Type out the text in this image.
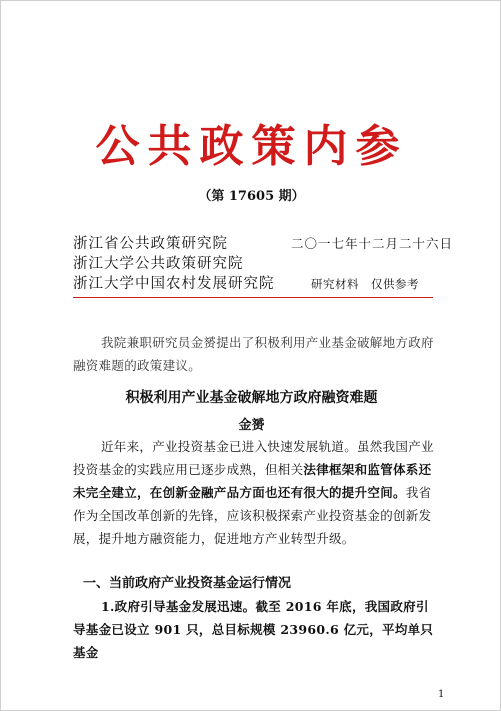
公共政策内参
（第 17605 期）
浙江省公共政策研究院
浙江大学公共政策研究院
浙江大学中国农村发展研究院
二〇一七年十二月二十六日
研究材料　仅供参考
我院兼职研究员金赟提出了积极利用产业基金破解地方政府融资难题的政策建议。
积极利用产业基金破解地方政府融资难题
金赟
近年来，产业投资基金已进入快速发展轨道。虽然我国产业投资基金的实践应用已逐步成熟，但相关法律框架和监管体系还未完全建立，在创新金融产品方面也还有很大的提升空间。我省作为全国改革创新的先锋，应该积极探索产业投资基金的创新发展，提升地方融资能力，促进地方产业转型升级。
一、当前政府产业投资基金运行情况
1.政府引导基金发展迅速。截至 2016 年底，我国政府引导基金已设立 901 只，总目标规模 23960.6 亿元，平均单只基金
1
